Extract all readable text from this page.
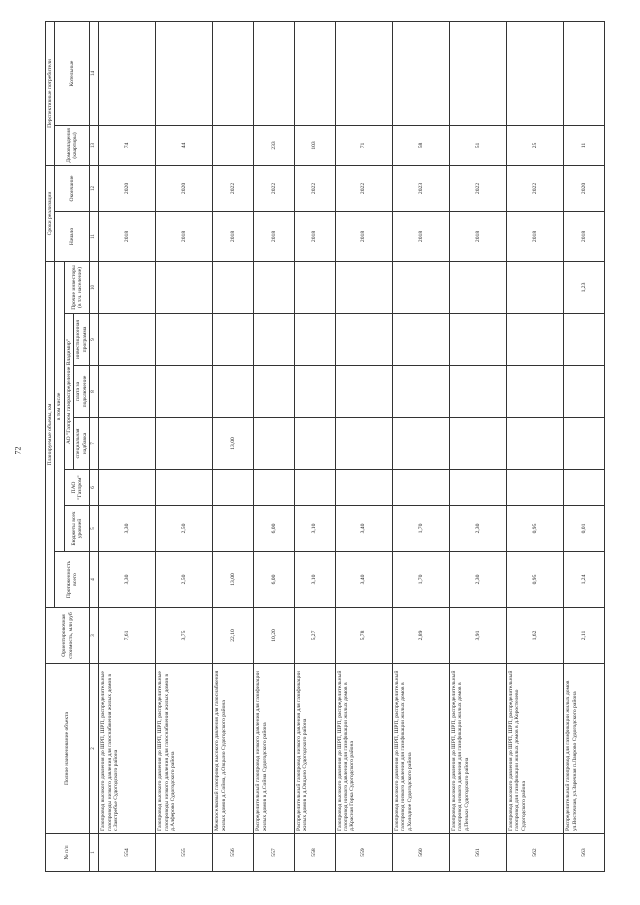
72
№ п/п	Полное наименование объекта	Ориентировочная стоимость, млн руб	Планируемые объемы, км							Сроки реализации		Перспективные потребители	
			Протяженность всего	в том числе						Начало	Окончание	Домовладения (квартиры)	Котельные
				Бюджеты всех уровней	ПАО "Газпром"	АО "Газпром газораспределение Владимир"			Прочие инвесторы (в т.ч. население)				
						специальная надбавка	плата за подключение	инвестиционная программа					
1	2	3	4	5	6	7	8	9	10	11	12	13	14
554	Газопровод высокого давления до ШРП, ШРП, распределительные газопроводы низкого давления для газоснабжения жилых домов в с.Заястребье Судогодского района	7,61	3,30	3,30						2018	2020	74	
555	Газопровод высокого давления до ШРП, ШРП, распределительные газопроводы низкого давления для газоснабжения жилых домов в д.Алферово Судогодского района	3,75	2,50	2,50						2018	2020	44	
556	Межпоселковый газопровод высокого давления для газоснабжения жилых домов д.Сойма, д.Овцыно Судогодского района	22,10	13,00			13,00				2018	2022		
557	Распределительный газопровод низкого давления для газификации жилых домов в д.Сойма Судогодского района	10,20	6,00	6,00						2018	2022	233	
558	Распределительный газопровод низкого давления для газификации жилых домов в д.Овцыно Судогодского района	5,27	3,10	3,10						2018	2022	103	
559	Газопровод высокого давления до ШРП, ШРП, распределительный газопровод низкого давления для газификации жилых домов в д.Красная Горка Судогодского района	5,78	3,40	3,40						2018	2022	71	
560	Газопровод высокого давления до ШРП, ШРП, распределительный газопровод низкого давления для газификации жилых домов в д.Холодное Судогодского района	2,89	1,70	1,70						2018	2023	58	
561	Газопровод высокого давления до ШРП, ШРП, распределительный газопровод низкого давления для газификации жилых домов в д.Пеньки Судогодского района	3,91	2,30	2,30						2018	2022	51	
562	Газопровод высокого давления до ШРП, ШРП, распределительный газопровод для газификации жилых домов в д.Коростелево Судогодского района	1,62	0,95	0,95						2018	2022	25	
563	Распределительный газопровод для газификации жилых домов ул.Восточная, ул.Заречная п.Лаврово Судогодского района	2,11	1,24	0,01					1,23	2018	2020	11	
